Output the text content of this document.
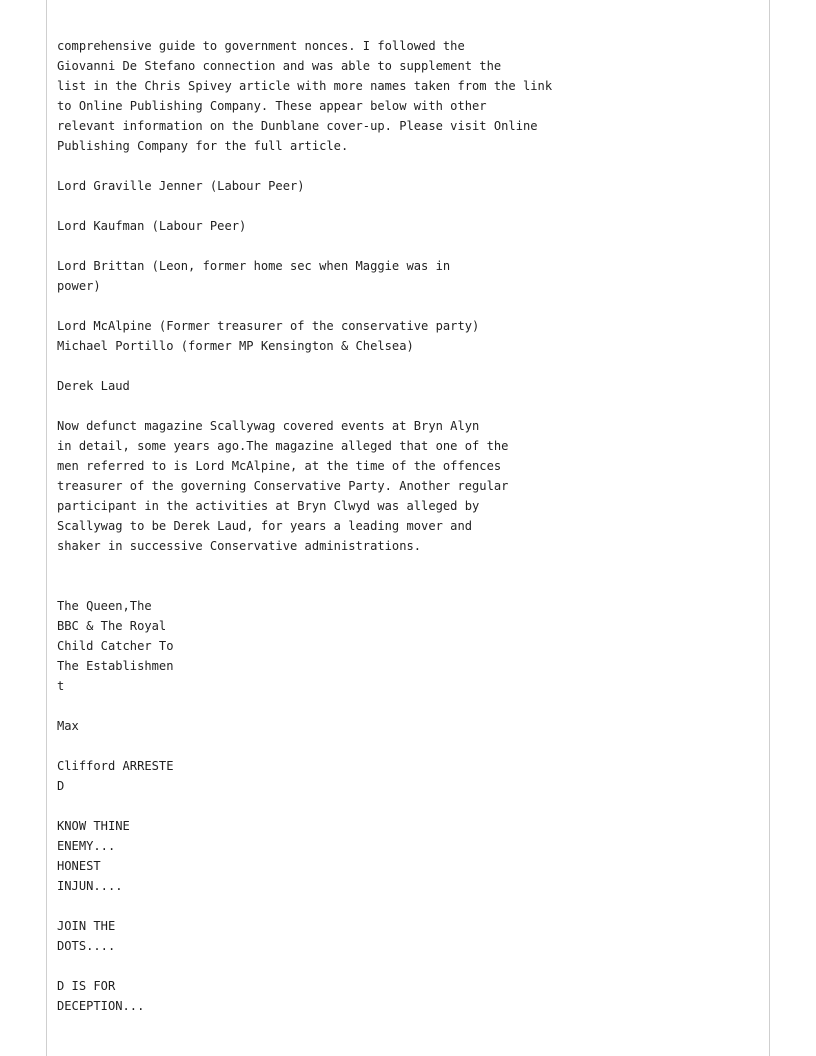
comprehensive guide to government nonces. I followed the
Giovanni De Stefano connection and was able to supplement the
list in the Chris Spivey article with more names taken from the link
to Online Publishing Company. These appear below with other
relevant information on the Dunblane cover-up. Please visit Online
Publishing Company for the full article.
Lord Graville Jenner (Labour Peer)
Lord Kaufman (Labour Peer)
Lord Brittan (Leon, former home sec when Maggie was in
power)
Lord McAlpine (Former treasurer of the conservative party)
Michael Portillo (former MP Kensington & Chelsea)
Derek Laud
Now defunct magazine Scallywag covered events at Bryn Alyn
in detail, some years ago.The magazine alleged that one of the
men referred to is Lord McAlpine, at the time of the offences
treasurer of the governing Conservative Party. Another regular
participant in the activities at Bryn Clwyd was alleged by
Scallywag to be Derek Laud, for years a leading mover and
shaker in successive Conservative administrations.
The Queen,The
BBC & The Royal
Child Catcher To
The Establishmen
t
Max
Clifford ARRESTE
D
KNOW THINE
ENEMY...
HONEST
INJUN....
JOIN THE
DOTS....
D IS FOR
DECEPTION...
